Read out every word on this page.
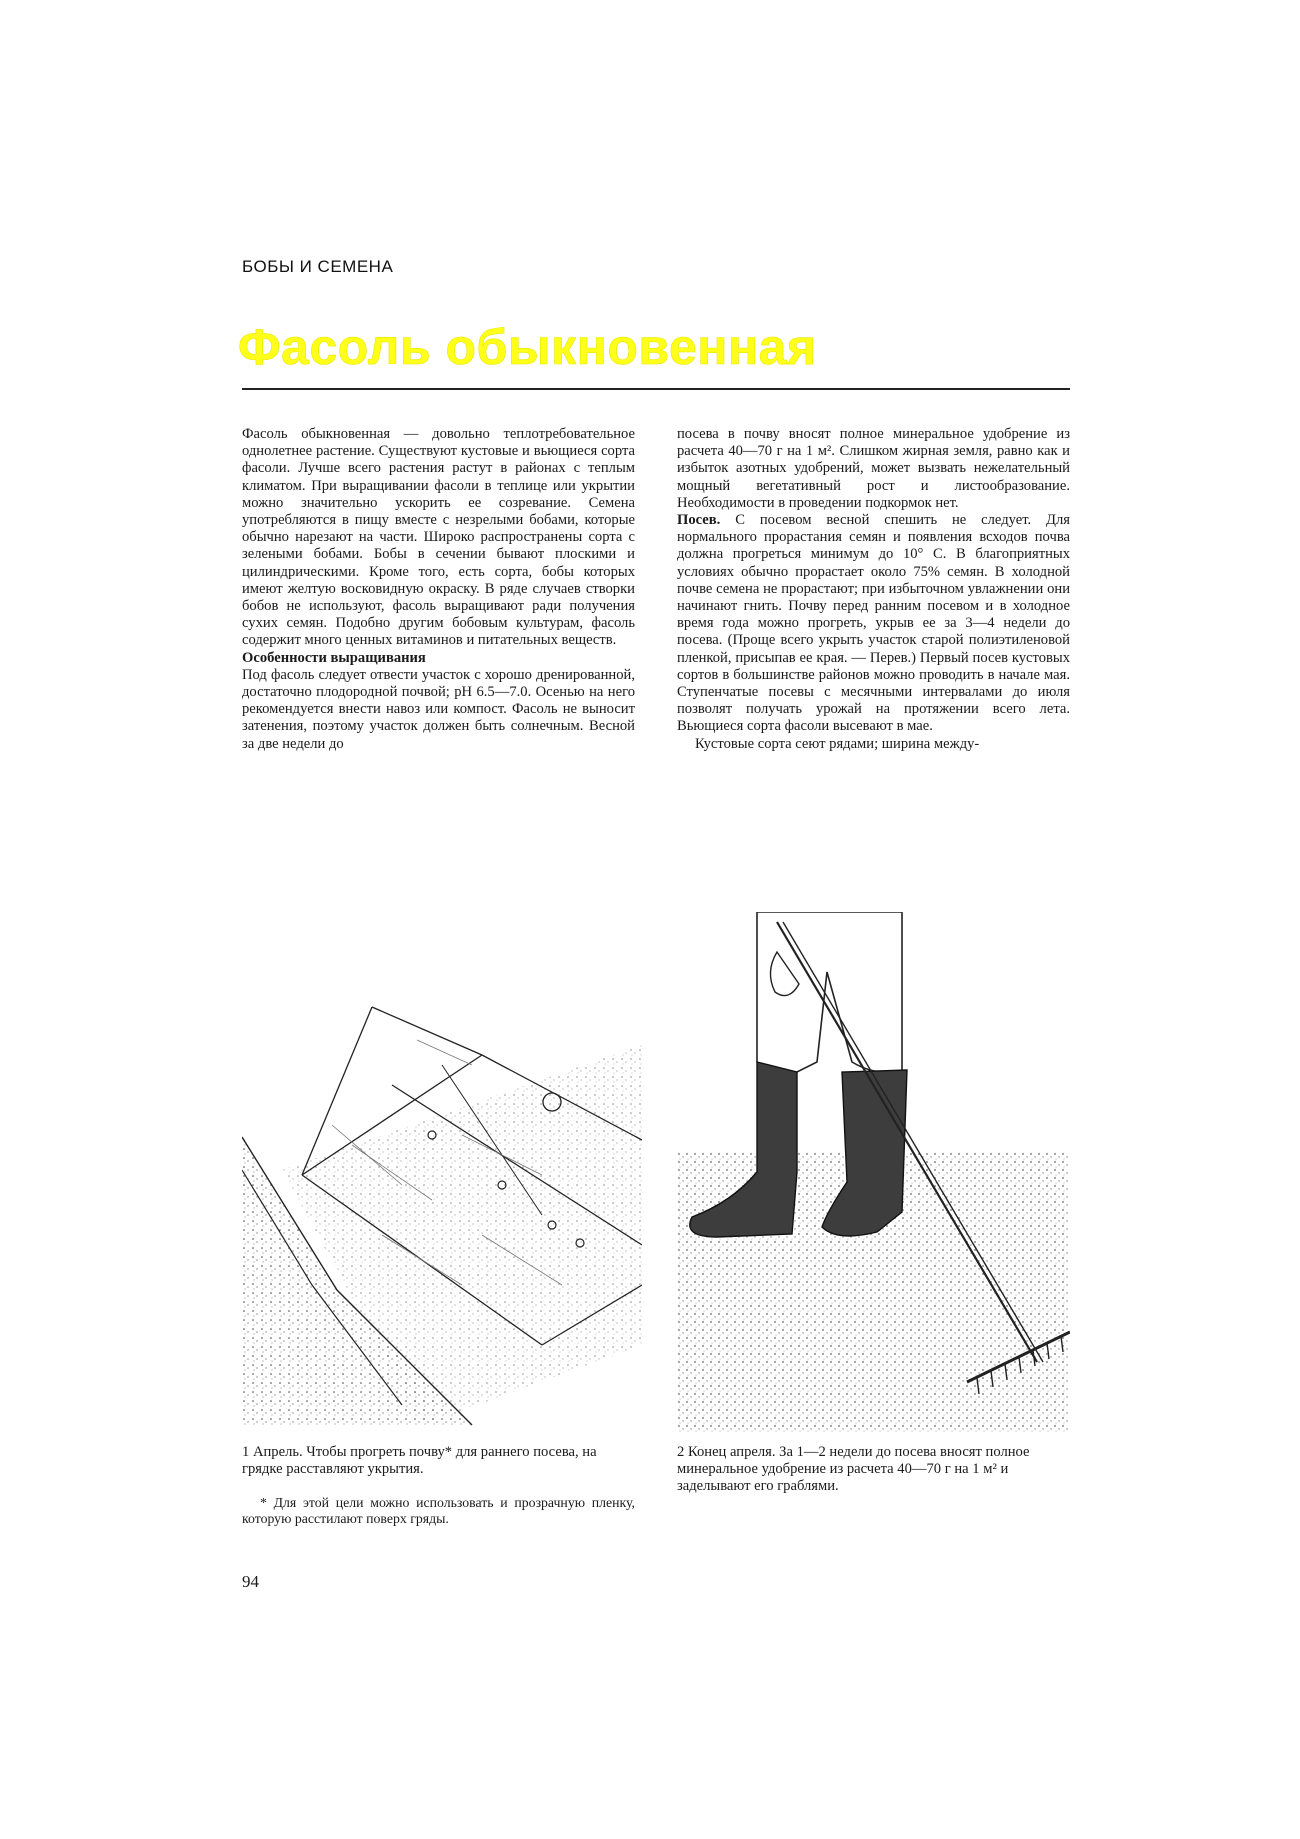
БОБЫ И СЕМЕНА
Фасоль обыкновенная

Фасоль обыкновенная — довольно теплотребовательное однолетнее растение. Существуют кустовые и вьющиеся сорта фасоли. Лучше всего растения растут в районах с теплым климатом. При выращивании фасоли в теплице или укрытии можно значительно ускорить ее созревание. Семена употребляются в пищу вместе с незрелыми бобами, которые обычно нарезают на части. Широко распространены сорта с зелеными бобами. Бобы в сечении бывают плоскими и цилиндрическими. Кроме того, есть сорта, бобы которых имеют желтую восковидную окраску. В ряде случаев створки бобов не используют, фасоль выращивают ради получения сухих семян. Подобно другим бобовым культурам, фасоль содержит много ценных витаминов и питательных веществ.

Особенности выращивания

Под фасоль следует отвести участок с хорошо дренированной, достаточно плодородной почвой; pH 6.5—7.0. Осенью на него рекомендуется внести навоз или компост. Фасоль не выносит затенения, поэтому участок должен быть солнечным. Весной за две недели до

посева в почву вносят полное минеральное удобрение из расчета 40—70 г на 1 м². Слишком жирная земля, равно как и избыток азотных удобрений, может вызвать нежелательный мощный вегетативный рост и листообразование. Необходимости в проведении подкормок нет.

Посев. С посевом весной спешить не следует. Для нормального прорастания семян и появления всходов почва должна прогреться минимум до 10° С. В благоприятных условиях обычно прорастает около 75% семян. В холодной почве семена не прорастают; при избыточном увлажнении они начинают гнить. Почву перед ранним посевом и в холодное время года можно прогреть, укрыв ее за 3—4 недели до посева. (Проще всего укрыть участок старой полиэтиленовой пленкой, присыпав ее края. — Перев.) Первый посев кустовых сортов в большинстве районов можно проводить в начале мая. Ступенчатые посевы с месячными интервалами до июля позволят получать урожай на протяжении всего лета. Вьющиеся сорта фасоли высевают в мае.

Кустовые сорта сеют рядами; ширина между-

1 Апрель. Чтобы прогреть почву* для раннего посева, на грядке расставляют укрытия.
2 Конец апреля. За 1—2 недели до посева вносят полное минеральное удобрение из расчета 40—70 г на 1 м² и заделывают его граблями.

* Для этой цели можно использовать и прозрачную пленку, которую расстилают поверх гряды.

94
